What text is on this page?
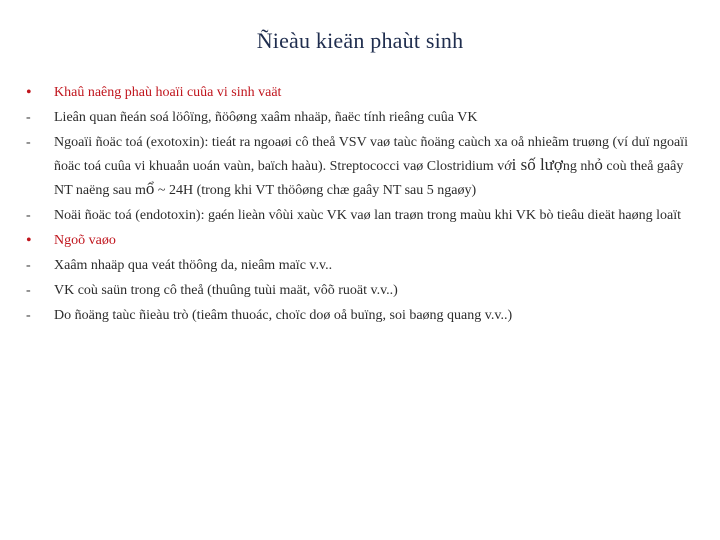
Ñieàu kieän phaùt sinh
•	Khaû naêng phaù hoaïi cuûa vi sinh vaät
-	Lieân quan ñeán soá löôïng, ñöôøng xaâm nhaäp, ñaëc tính rieâng cuûa VK
-	Ngoaïi ñoäc toá (exotoxin): tieát ra ngoaøi cô theå VSV vaø taùc ñoäng caùch xa oå nhieãm truøng (ví duï ngoaïi ñoäc toá cuûa vi khuaån uoán vaùn, baïch haàu). Streptococci vaø Clostridium với số lượng nhỏ coù theå gaây NT naëng sau mổ ~ 24H (trong khi VT thöôøng chæ gaây NT sau 5 ngaøy)
-	Noäi ñoäc toá (endotoxin): gaén lieàn vôùi xaùc VK vaø lan traøn trong maùu khi VK bò tieâu dieät haøng loaït
•	Ngoõ vaøo
-	Xaâm nhaäp qua veát thöông da, nieâm maïc v.v..
-	VK coù saün trong cô theå (thuûng tuùi maät, vôõ ruoät v.v..)
-	Do ñoäng taùc ñieàu trò (tieâm thuoác, choïc doø oå buïng, soi baøng quang v.v..)
